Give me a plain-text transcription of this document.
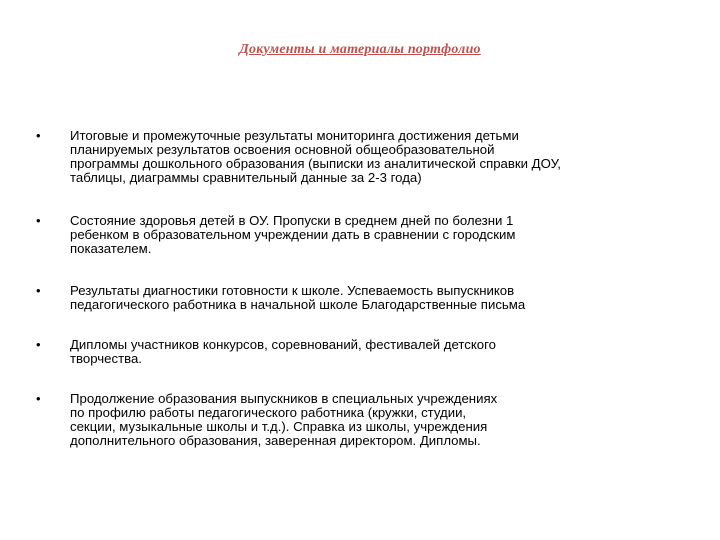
Документы и материалы портфолио
• Итоговые и промежуточные результаты мониторинга достижения детьми
планируемых результатов освоения основной общеобразовательной
программы дошкольного образования (выписки из аналитической справки ДОУ,
таблицы, диаграммы сравнительный данные за 2-3 года)
• Состояние здоровья детей в ОУ. Пропуски в среднем дней по болезни 1
ребенком в образовательном учреждении дать в сравнении с городским
показателем.
• Результаты диагностики готовности к школе. Успеваемость выпускников
педагогического работника в начальной школе Благодарственные письма
• Дипломы участников конкурсов, соревнований, фестивалей детского
творчества.
• Продолжение образования выпускников в специальных учреждениях
по профилю работы педагогического работника (кружки, студии,
секции, музыкальные школы и т.д.). Справка из школы, учреждения
дополнительного образования, заверенная директором. Дипломы.
